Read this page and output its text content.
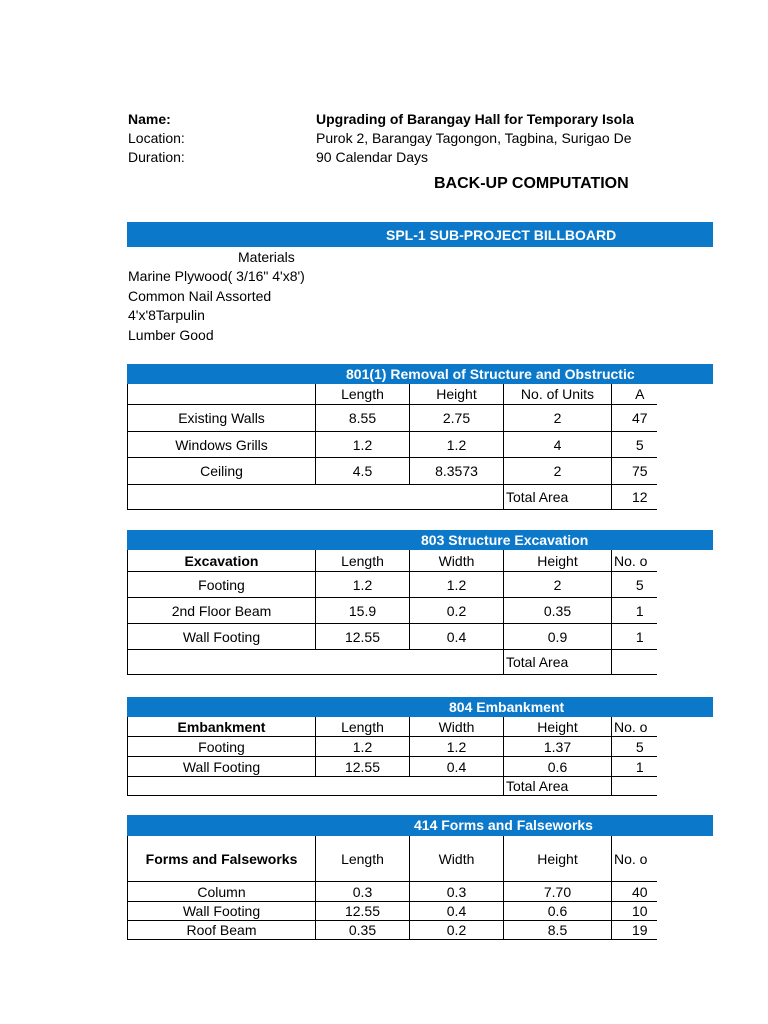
Name:	Upgrading of Barangay Hall for Temporary Isola
Location:	Purok 2, Barangay Tagongon, Tagbina, Surigao De
Duration:	90 Calendar Days
BACK-UP COMPUTATION
Materials
Marine Plywood( 3/16" 4'x8')
Common Nail Assorted
4'x'8Tarpulin
Lumber Good
	Length	Height	No. of Units	A
Existing Walls	8.55	2.75	2	47
Windows Grills	1.2	1.2	4	5
Ceiling	4.5	8.3573	2	75
			Total Area	12
Excavation	Length	Width	Height	No. o
Footing	1.2	1.2	2	5
2nd Floor Beam	15.9	0.2	0.35	1
Wall Footing	12.55	0.4	0.9	1
			Total Area	
Embankment	Length	Width	Height	No. o
Footing	1.2	1.2	1.37	5
Wall Footing	12.55	0.4	0.6	1
			Total Area	
Forms and Falseworks	Length	Width	Height	No. o
Column	0.3	0.3	7.70	40
Wall Footing	12.55	0.4	0.6	10
Roof Beam	0.35	0.2	8.5	19
SPL-1 SUB-PROJECT BILLBOARD
801(1) Removal of Structure and Obstructic
803 Structure Excavation
804 Embankment
414 Forms and Falseworks
